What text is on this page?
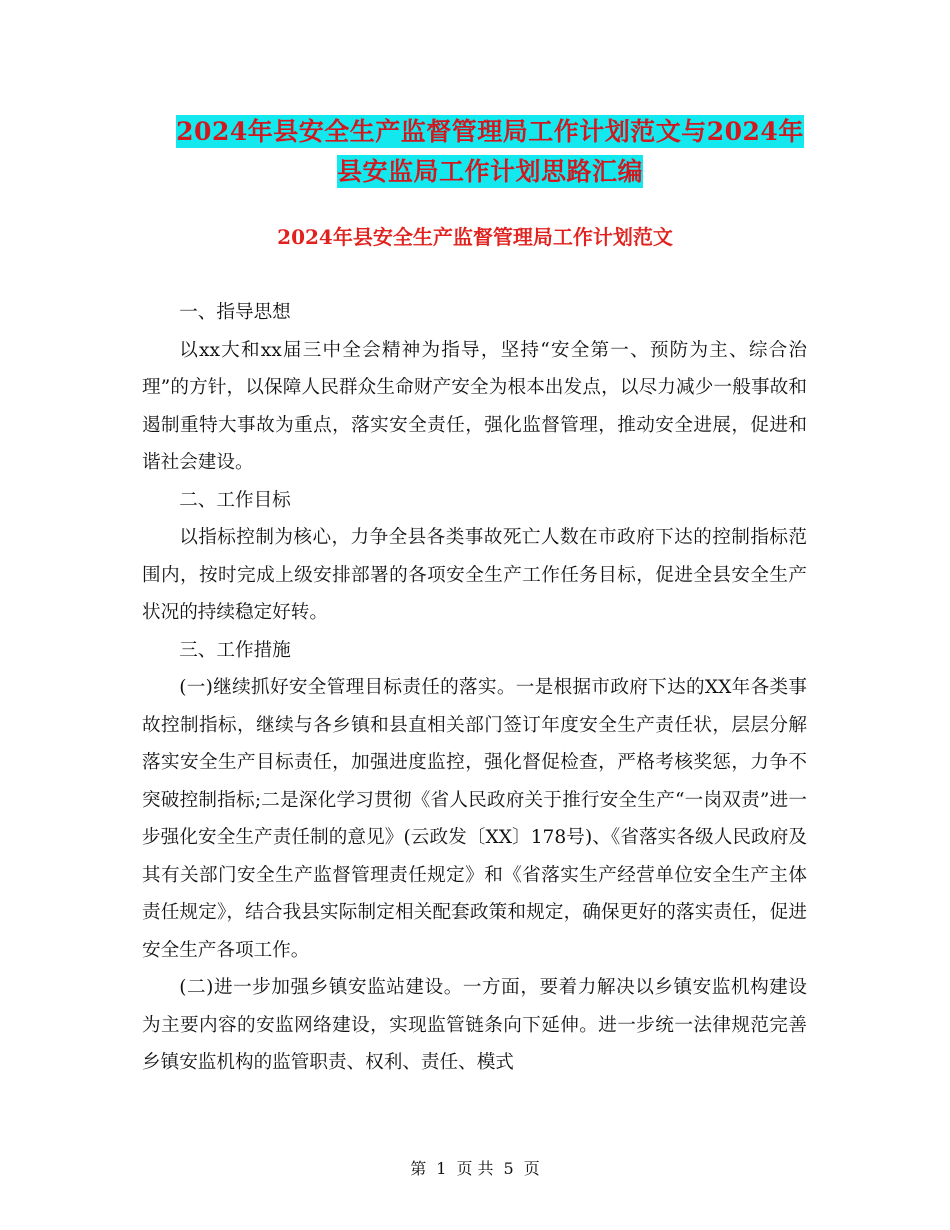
2024年县安全生产监督管理局工作计划范文与2024年
县安监局工作计划思路汇编
2024年县安全生产监督管理局工作计划范文

一、指导思想

以xx大和xx届三中全会精神为指导，坚持“安全第一、预防为主、综合治理”的方针，以保障人民群众生命财产安全为根本出发点，以尽力减少一般事故和遏制重特大事故为重点，落实安全责任，强化监督管理，推动安全进展，促进和谐社会建设。

二、工作目标

以指标控制为核心，力争全县各类事故死亡人数在市政府下达的控制指标范围内，按时完成上级安排部署的各项安全生产工作任务目标，促进全县安全生产状况的持续稳定好转。

三、工作措施

(一)继续抓好安全管理目标责任的落实。一是根据市政府下达的XX年各类事故控制指标，继续与各乡镇和县直相关部门签订年度安全生产责任状，层层分解落实安全生产目标责任，加强进度监控，强化督促检查，严格考核奖惩，力争不突破控制指标;二是深化学习贯彻《省人民政府关于推行安全生产“一岗双责”进一步强化安全生产责任制的意见》(云政发〔XX〕178号)、《省落实各级人民政府及其有关部门安全生产监督管理责任规定》和《省落实生产经营单位安全生产主体责任规定》，结合我县实际制定相关配套政策和规定，确保更好的落实责任，促进安全生产各项工作。

(二)进一步加强乡镇安监站建设。一方面，要着力解决以乡镇安监机构建设为主要内容的安监网络建设，实现监管链条向下延伸。进一步统一法律规范完善乡镇安监机构的监管职责、权利、责任、模式

第 1 页 共 5 页
